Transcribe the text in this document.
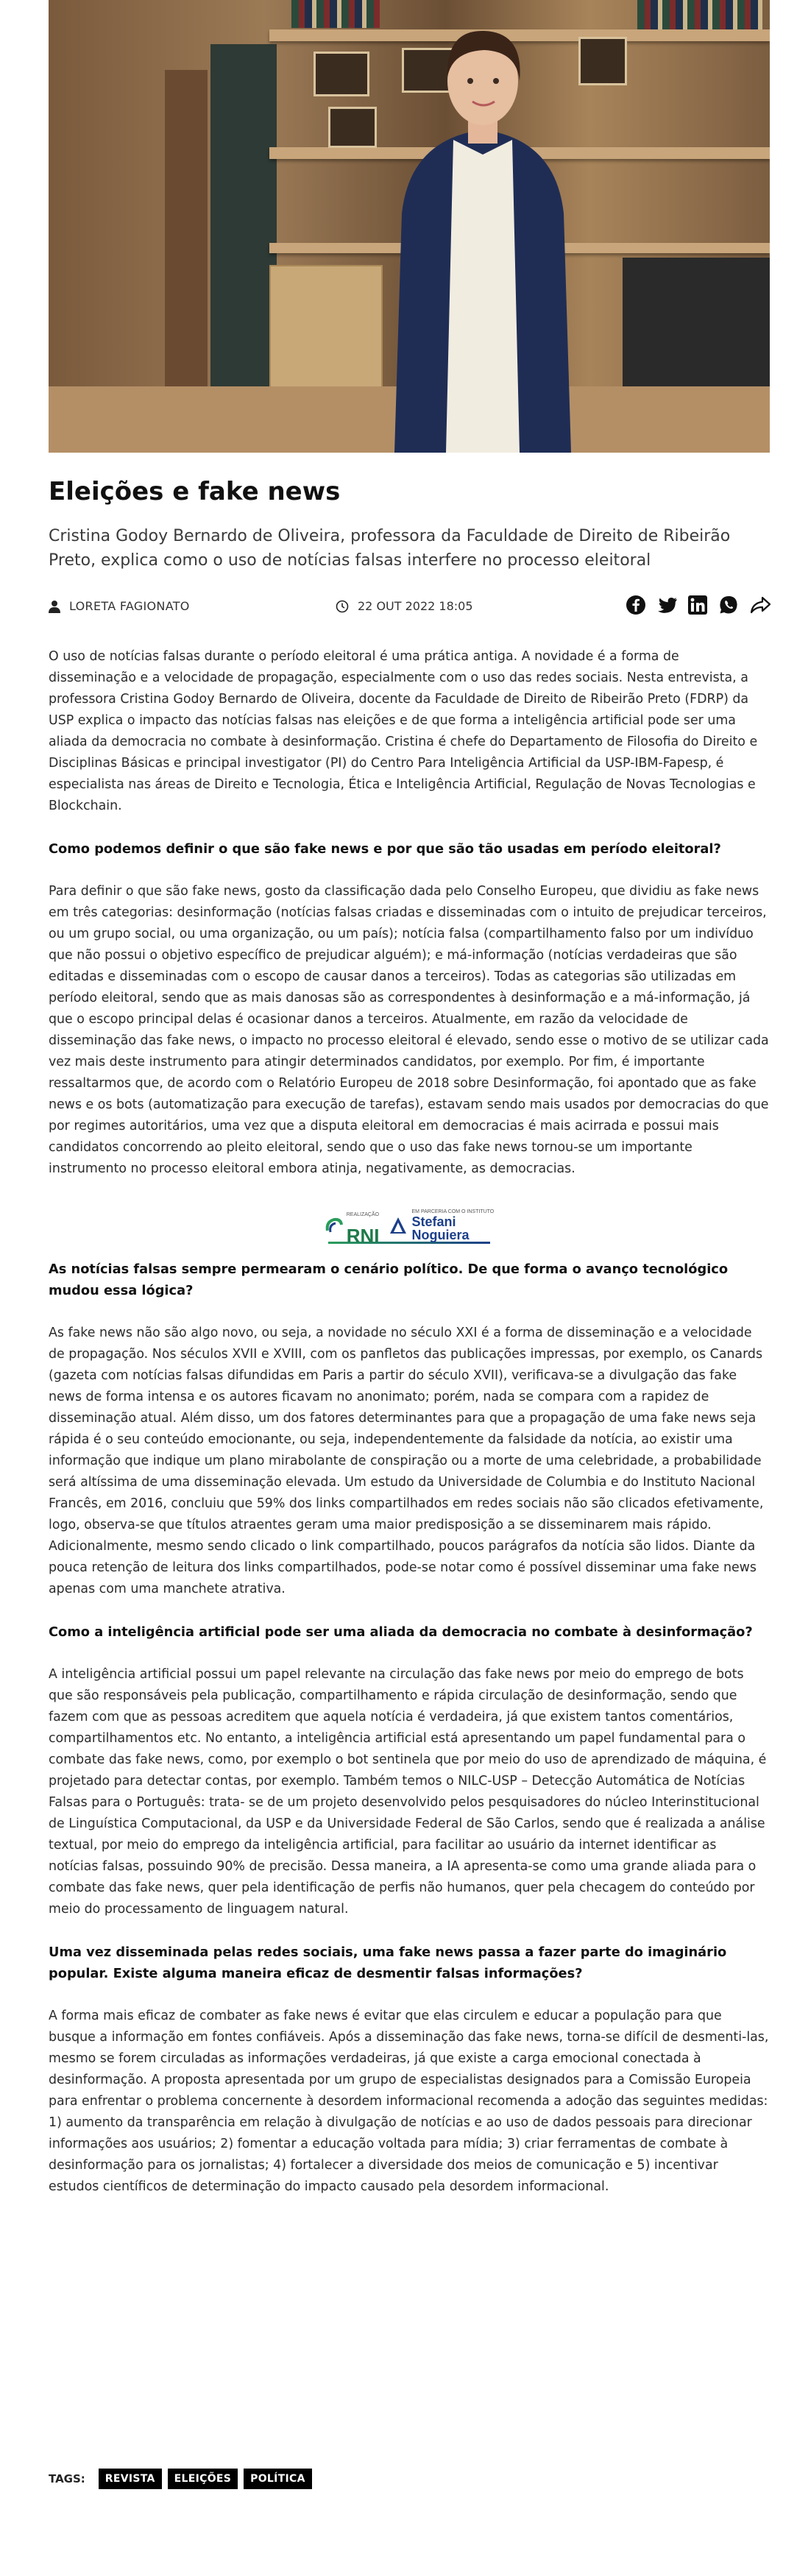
Eleições e fake news

Cristina Godoy Bernardo de Oliveira, professora da Faculdade de Direito de Ribeirão Preto, explica como o uso de notícias falsas interfere no processo eleitoral

LORETA FAGIONATO	22 OUT 2022 18:05

O uso de notícias falsas durante o período eleitoral é uma prática antiga. A novidade é a forma de disseminação e a velocidade de propagação, especialmente com o uso das redes sociais. Nesta entrevista, a professora Cristina Godoy Bernardo de Oliveira, docente da Faculdade de Direito de Ribeirão Preto (FDRP) da USP explica o impacto das notícias falsas nas eleições e de que forma a inteligência artificial pode ser uma aliada da democracia no combate à desinformação. Cristina é chefe do Departamento de Filosofia do Direito e Disciplinas Básicas e principal investigator (PI) do Centro Para Inteligência Artificial da USP-IBM-Fapesp, é especialista nas áreas de Direito e Tecnologia, Ética e Inteligência Artificial, Regulação de Novas Tecnologias e Blockchain.

Como podemos definir o que são fake news e por que são tão usadas em período eleitoral?

Para definir o que são fake news, gosto da classificação dada pelo Conselho Europeu, que dividiu as fake news em três categorias: desinformação (notícias falsas criadas e disseminadas com o intuito de prejudicar terceiros, ou um grupo social, ou uma organização, ou um país); notícia falsa (compartilhamento falso por um indivíduo que não possui o objetivo específico de prejudicar alguém); e má-informação (notícias verdadeiras que são editadas e disseminadas com o escopo de causar danos a terceiros). Todas as categorias são utilizadas em período eleitoral, sendo que as mais danosas são as correspondentes à desinformação e a má-informação, já que o escopo principal delas é ocasionar danos a terceiros. Atualmente, em razão da velocidade de disseminação das fake news, o impacto no processo eleitoral é elevado, sendo esse o motivo de se utilizar cada vez mais deste instrumento para atingir determinados candidatos, por exemplo. Por fim, é importante ressaltarmos que, de acordo com o Relatório Europeu de 2018 sobre Desinformação, foi apontado que as fake news e os bots (automatização para execução de tarefas), estavam sendo mais usados por democracias do que por regimes autoritários, uma vez que a disputa eleitoral em democracias é mais acirrada e possui mais candidatos concorrendo ao pleito eleitoral, sendo que o uso das fake news tornou-se um importante instrumento no processo eleitoral embora atinja, negativamente, as democracias.

REALIZAÇÃO
RNI
EM PARCERIA COM O INSTITUTO
Stefani
Noguiera
As notícias falsas sempre permearam o cenário político. De que forma o avanço tecnológico mudou essa lógica?

As fake news não são algo novo, ou seja, a novidade no século XXI é a forma de disseminação e a velocidade de propagação. Nos séculos XVII e XVIII, com os panfletos das publicações impressas, por exemplo, os Canards (gazeta com notícias falsas difundidas em Paris a partir do século XVII), verificava-se a divulgação das fake news de forma intensa e os autores ficavam no anonimato; porém, nada se compara com a rapidez de disseminação atual. Além disso, um dos fatores determinantes para que a propagação de uma fake news seja rápida é o seu conteúdo emocionante, ou seja, independentemente da falsidade da notícia, ao existir uma informação que indique um plano mirabolante de conspiração ou a morte de uma celebridade, a probabilidade será altíssima de uma disseminação elevada. Um estudo da Universidade de Columbia e do Instituto Nacional Francês, em 2016, concluiu que 59% dos links compartilhados em redes sociais não são clicados efetivamente, logo, observa-se que títulos atraentes geram uma maior predisposição a se disseminarem mais rápido. Adicionalmente, mesmo sendo clicado o link compartilhado, poucos parágrafos da notícia são lidos. Diante da pouca retenção de leitura dos links compartilhados, pode-se notar como é possível disseminar uma fake news apenas com uma manchete atrativa.

Como a inteligência artificial pode ser uma aliada da democracia no combate à desinformação?

A inteligência artificial possui um papel relevante na circulação das fake news por meio do emprego de bots que são responsáveis pela publicação, compartilhamento e rápida circulação de desinformação, sendo que fazem com que as pessoas acreditem que aquela notícia é verdadeira, já que existem tantos comentários, compartilhamentos etc. No entanto, a inteligência artificial está apresentando um papel fundamental para o combate das fake news, como, por exemplo o bot sentinela que por meio do uso de aprendizado de máquina, é projetado para detectar contas, por exemplo. Também temos o NILC-USP – Detecção Automática de Notícias Falsas para o Português: trata- se de um projeto desenvolvido pelos pesquisadores do núcleo Interinstitucional de Linguística Computacional, da USP e da Universidade Federal de São Carlos, sendo que é realizada a análise textual, por meio do emprego da inteligência artificial, para facilitar ao usuário da internet identificar as notícias falsas, possuindo 90% de precisão. Dessa maneira, a IA apresenta-se como uma grande aliada para o combate das fake news, quer pela identificação de perfis não humanos, quer pela checagem do conteúdo por meio do processamento de linguagem natural.

Uma vez disseminada pelas redes sociais, uma fake news passa a fazer parte do imaginário popular. Existe alguma maneira eficaz de desmentir falsas informações?

A forma mais eficaz de combater as fake news é evitar que elas circulem e educar a população para que busque a informação em fontes confiáveis. Após a disseminação das fake news, torna-se difícil de desmenti-las, mesmo se forem circuladas as informações verdadeiras, já que existe a carga emocional conectada à desinformação. A proposta apresentada por um grupo de especialistas designados para a Comissão Europeia para enfrentar o problema concernente à desordem informacional recomenda a adoção das seguintes medidas: 1) aumento da transparência em relação à divulgação de notícias e ao uso de dados pessoais para direcionar informações aos usuários; 2) fomentar a educação voltada para mídia; 3) criar ferramentas de combate à desinformação para os jornalistas; 4) fortalecer a diversidade dos meios de comunicação e 5) incentivar estudos científicos de determinação do impacto causado pela desordem informacional.

TAGS:	REVISTA	ELEIÇÕES	POLÍTICA
